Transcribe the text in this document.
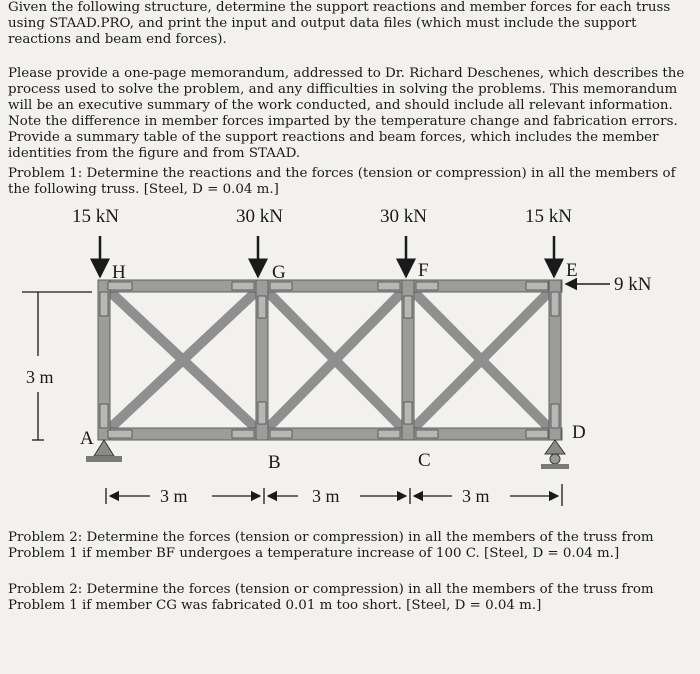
Given the following structure, determine the support reactions and member forces for each truss using STAAD.PRO, and print the input and output data files (which must include the support reactions and beam end forces).

Please provide a one-page memorandum, addressed to Dr. Richard Deschenes, which describes the process used to solve the problem, and any difficulties in solving the problems. This memorandum will be an executive summary of the work conducted, and should include all relevant information. Note the difference in member forces imparted by the temperature change and fabrication errors. Provide a summary table of the support reactions and beam forces, which includes the member identities from the figure and from STAAD.

Problem 1: Determine the reactions and the forces (tension or compression) in all the members of the following truss. [Steel, D = 0.04 m.]

15 kN	30 kN	30 kN	15 kN
9 kN
H	G	F	E
A
B	C
D
3 m
3 m	3 m	3 m

Problem 2: Determine the forces (tension or compression) in all the members of the truss from Problem 1 if member BF undergoes a temperature increase of 100 C. [Steel, D = 0.04 m.]

Problem 2: Determine the forces (tension or compression) in all the members of the truss from Problem 1 if member CG was fabricated 0.01 m too short. [Steel, D = 0.04 m.]
